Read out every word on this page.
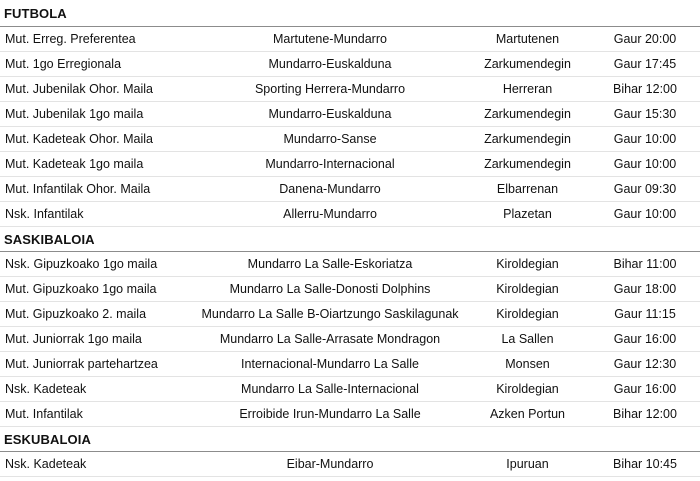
FUTBOLA
Mut. Erreg. Preferentea	Martutene-Mundarro	Martutenen	Gaur 20:00
Mut. 1go Erregionala	Mundarro-Euskalduna	Zarkumendegin	Gaur 17:45
Mut. Jubenilak Ohor. Maila	Sporting Herrera-Mundarro	Herreran	Bihar 12:00
Mut. Jubenilak 1go maila	Mundarro-Euskalduna	Zarkumendegin	Gaur 15:30
Mut. Kadeteak Ohor. Maila	Mundarro-Sanse	Zarkumendegin	Gaur 10:00
Mut. Kadeteak 1go maila	Mundarro-Internacional	Zarkumendegin	Gaur 10:00
Mut. Infantilak Ohor. Maila	Danena-Mundarro	Elbarrenan	Gaur 09:30
Nsk. Infantilak	Allerru-Mundarro	Plazetan	Gaur 10:00
SASKIBALOIA
Nsk. Gipuzkoako 1go maila	Mundarro La Salle-Eskoriatza	Kiroldegian	Bihar 11:00
Mut. Gipuzkoako 1go maila	Mundarro La Salle-Donosti Dolphins	Kiroldegian	Gaur 18:00
Mut. Gipuzkoako 2. maila	Mundarro La Salle B-Oiartzungo Saskilagunak	Kiroldegian	Gaur 11:15
Mut. Juniorrak 1go maila	Mundarro La Salle-Arrasate Mondragon	La Sallen	Gaur 16:00
Mut. Juniorrak partehartzea	Internacional-Mundarro La Salle	Monsen	Gaur 12:30
Nsk. Kadeteak	Mundarro La Salle-Internacional	Kiroldegian	Gaur 16:00
Mut. Infantilak	Erroibide Irun-Mundarro La Salle	Azken Portun	Bihar 12:00
ESKUBALOIA
Nsk. Kadeteak	Eibar-Mundarro	Ipuruan	Bihar 10:45
